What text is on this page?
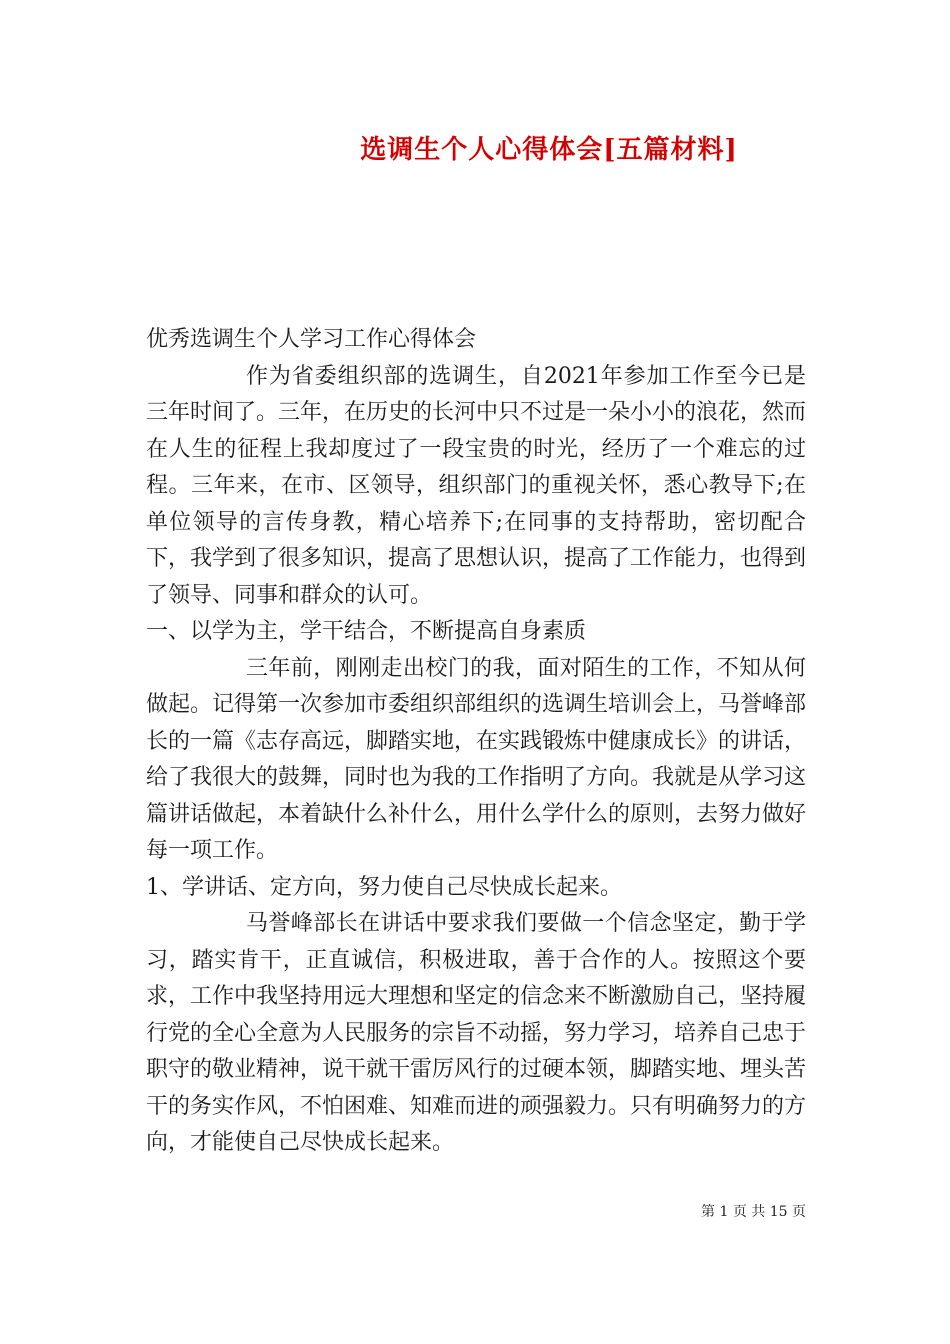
选调生个人心得体会[五篇材料]

优秀选调生个人学习工作心得体会

作为省委组织部的选调生，自2021年参加工作至今已是三年时间了。三年，在历史的长河中只不过是一朵小小的浪花，然而在人生的征程上我却度过了一段宝贵的时光，经历了一个难忘的过程。三年来，在市、区领导，组织部门的重视关怀，悉心教导下;在单位领导的言传身教，精心培养下;在同事的支持帮助，密切配合下，我学到了很多知识，提高了思想认识，提高了工作能力，也得到了领导、同事和群众的认可。

一、以学为主，学干结合，不断提高自身素质

三年前，刚刚走出校门的我，面对陌生的工作，不知从何做起。记得第一次参加市委组织部组织的选调生培训会上，马誉峰部长的一篇《志存高远，脚踏实地，在实践锻炼中健康成长》的讲话，给了我很大的鼓舞，同时也为我的工作指明了方向。我就是从学习这篇讲话做起，本着缺什么补什么，用什么学什么的原则，去努力做好每一项工作。

1、学讲话、定方向，努力使自己尽快成长起来。

马誉峰部长在讲话中要求我们要做一个信念坚定，勤于学习，踏实肯干，正直诚信，积极进取，善于合作的人。按照这个要求，工作中我坚持用远大理想和坚定的信念来不断激励自己，坚持履行党的全心全意为人民服务的宗旨不动摇，努力学习，培养自己忠于职守的敬业精神，说干就干雷厉风行的过硬本领，脚踏实地、埋头苦干的务实作风，不怕困难、知难而进的顽强毅力。只有明确努力的方向，才能使自己尽快成长起来。

第 1 页 共 15 页
